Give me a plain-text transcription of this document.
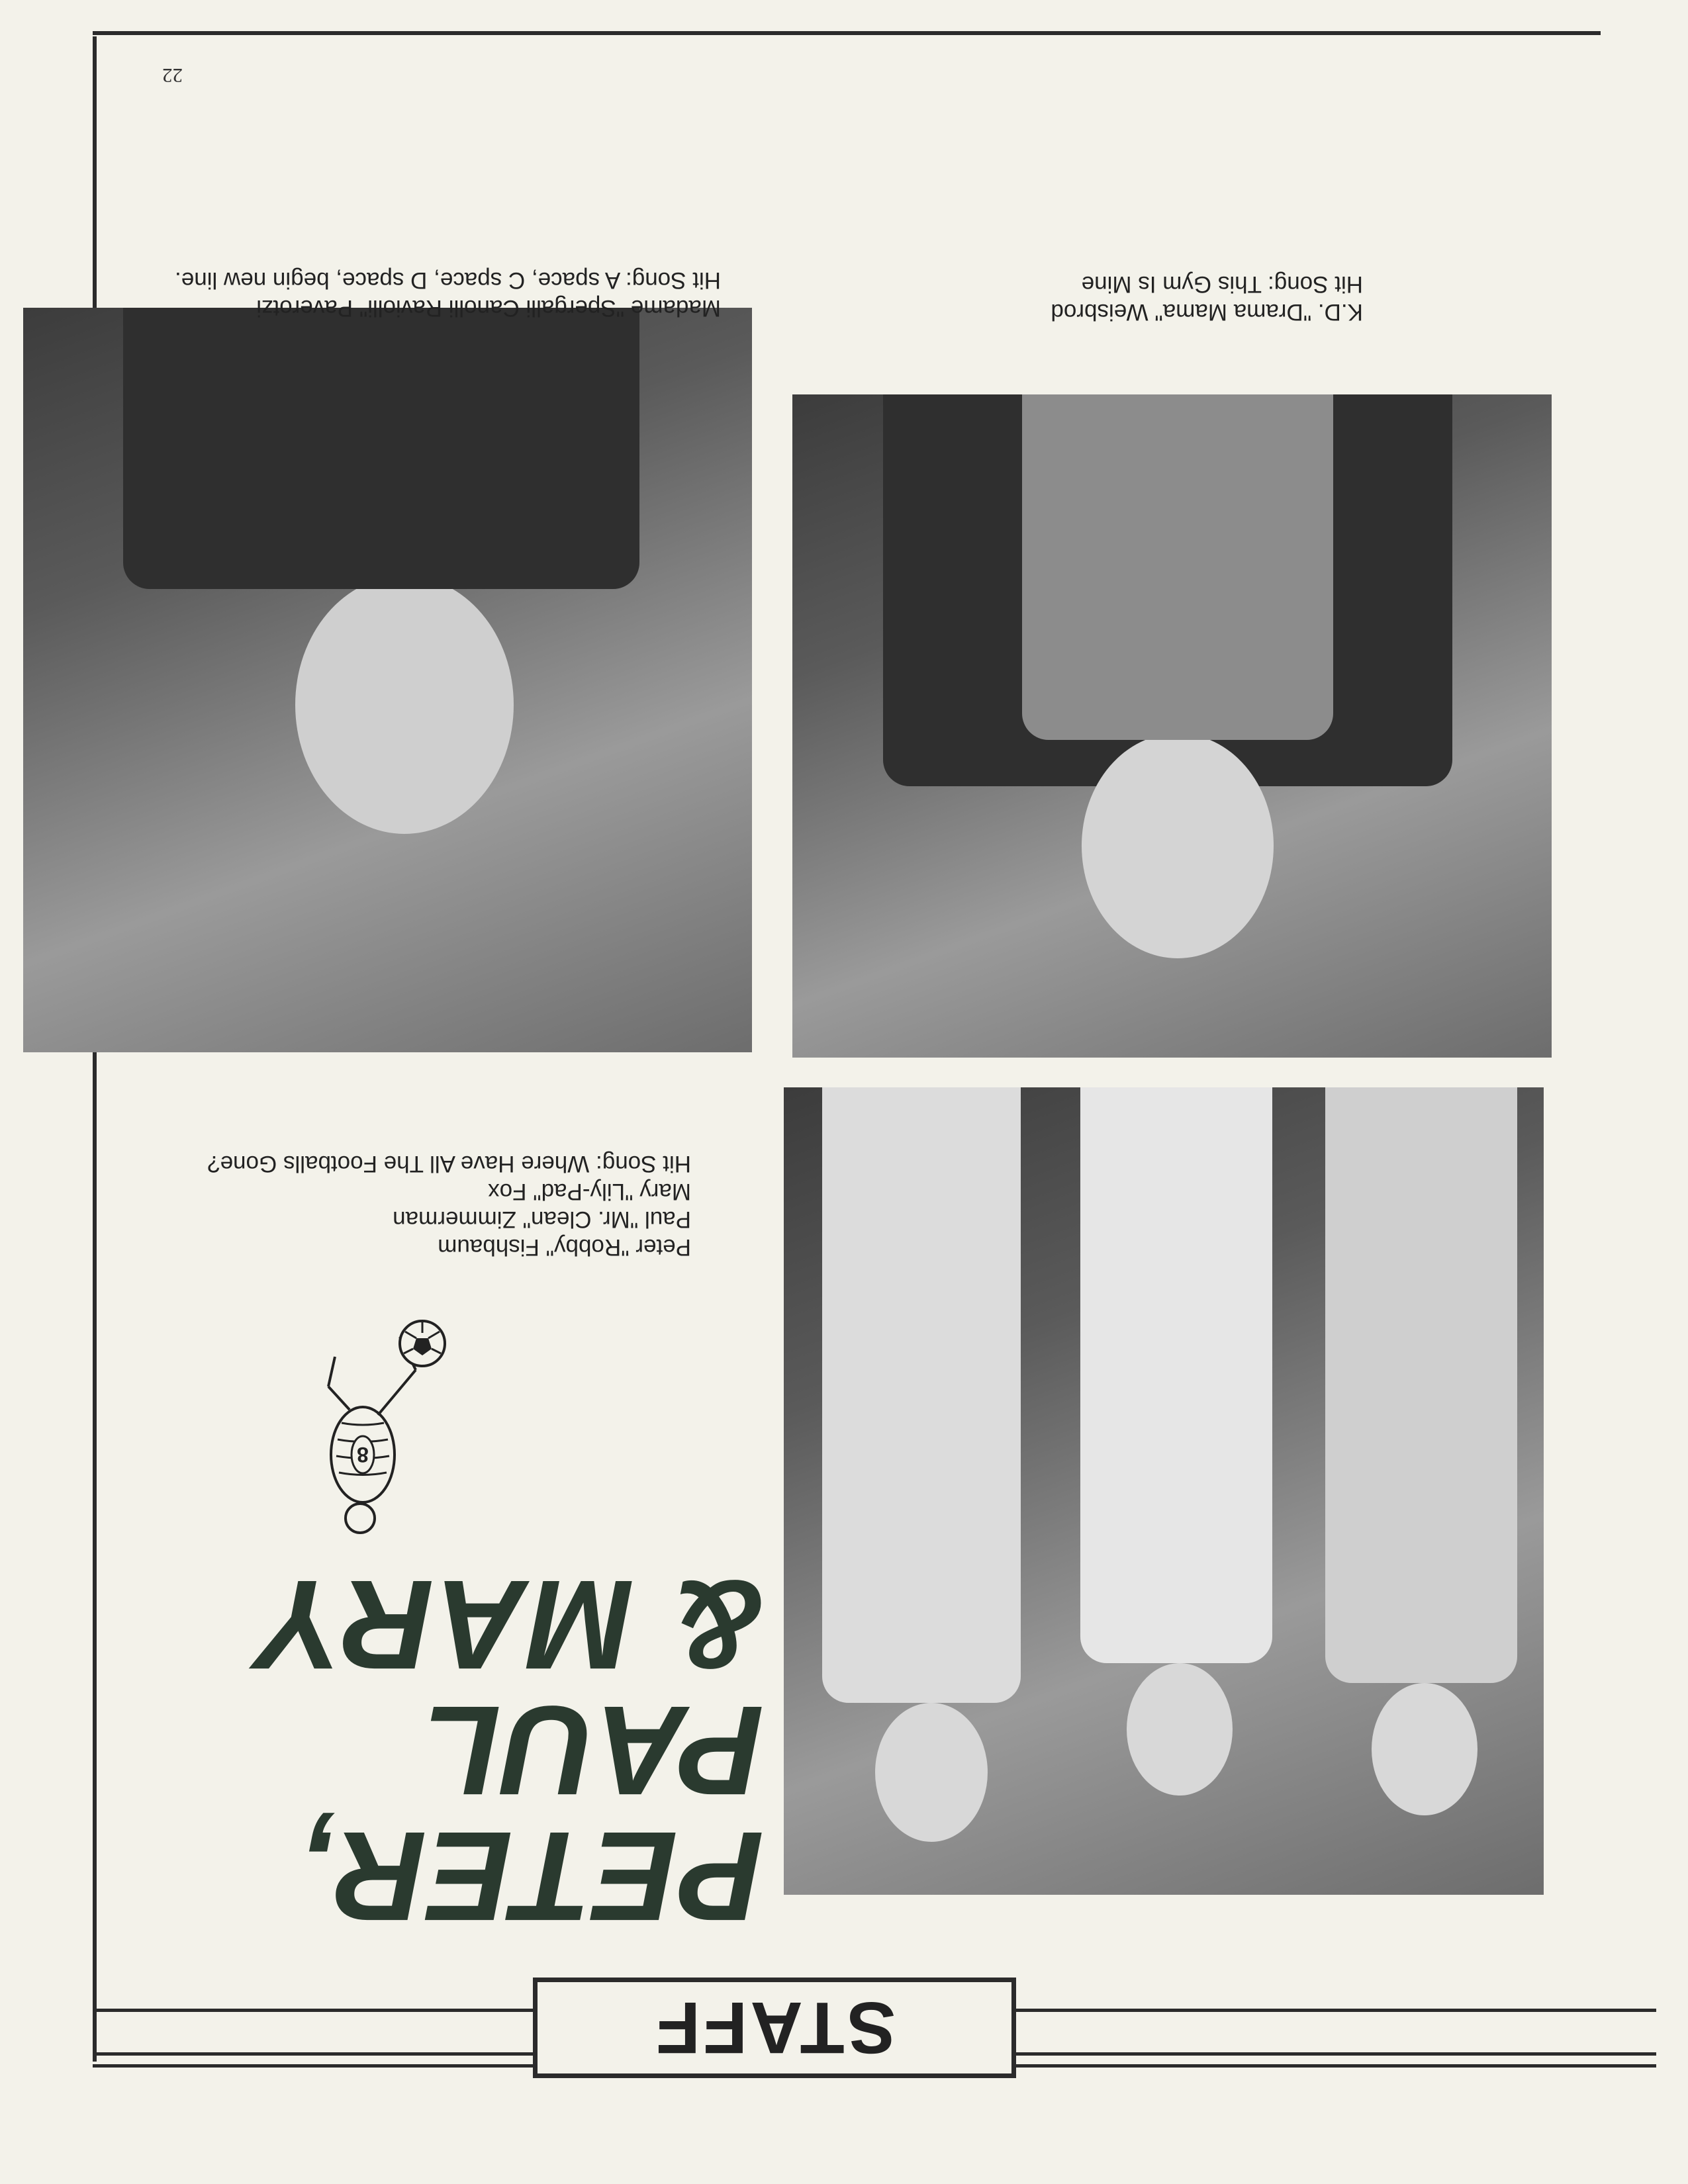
STAFF
PETER, PAUL
& MARY
8
Peter "Robby" Fishbaum
Paul "Mr. Clean" Zimmerman
Mary "Lily-Pad" Fox
Hit Song: Where Have All The Footballs Gone?
K.D. "Drama Mama" Weisbrod
Hit Song: This Gym Is Mine
Madame "Spergalli Canolli Raviolli" Paverotzi
Hit Song: A space, C space, D space, begin new line.
22
